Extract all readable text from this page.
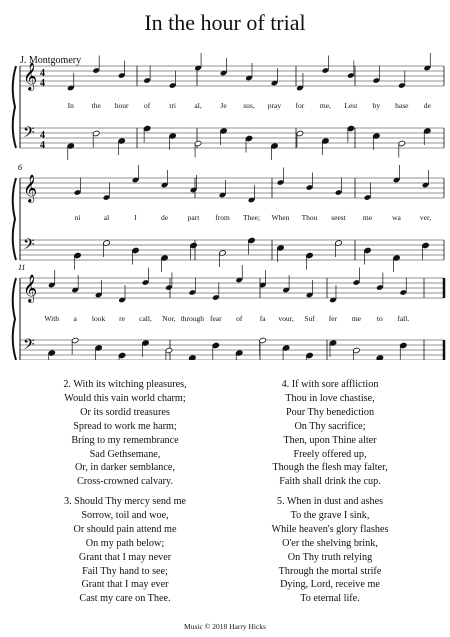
In the hour of trial
J. Montgomery
𝄞
𝄢
4
4
4
4
In the hour of	tri al, Je sus, pray for me, Lest by base de
𝄞
𝄢
6
ni	al	I	de	part from Thee; When Thou seest me	wa	ver,
𝄞
𝄢
11
With a look re call, Nor, through fear of fa vour, Suf fer me to fall.
2. With its witching pleasures,
Would this vain world charm;
Or its sordid treasures
Spread to work me harm;
Bring to my remembrance
Sad Gethsemane,
Or, in darker semblance,
Cross-crowned calvary.
3. Should Thy mercy send me
Sorrow, toil and woe,
Or should pain attend me
On my path below;
Grant that I may never
Fail Thy hand to see;
Grant that I may ever
Cast my care on Thee.
4. If with sore affliction
Thou in love chastise,
Pour Thy benediction
On Thy sacrifice;
Then, upon Thine alter
Freely offered up,
Though the flesh may falter,
Faith shall drink the cup.
5. When in dust and ashes
To the grave I sink,
While heaven's glory flashes
O'er the shelving brink,
On Thy truth relying
Through the mortal strife
Dying, Lord, receive me
To eternal life.
Music © 2018 Harry Hicks
